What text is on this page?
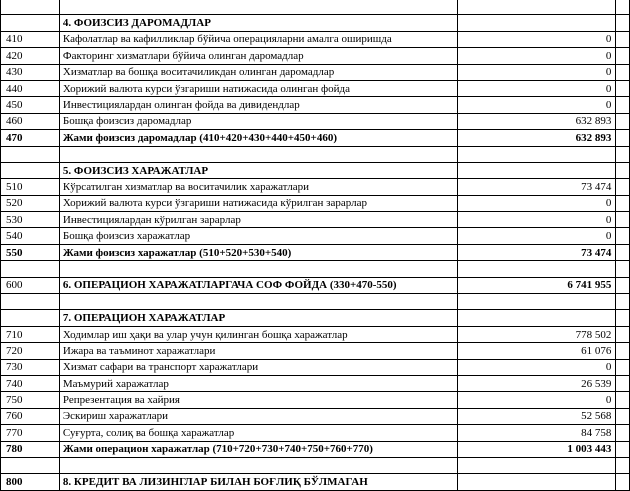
	4. ФОИЗСИЗ ДАРОМАДЛАР		
410	Кафолатлар ва кафилликлар бўйича операцияларни амалга оширишда	0	
420	Факторинг хизматлари бўйича олинган даромадлар	0	
430	Хизматлар ва бошқа воситачиликдан олинган даромадлар	0	
440	Хорижий валюта курси ўзгариши натижасида олинган фойда	0	
450	Инвестициялардан олинган фойда ва дивидендлар	0	
460	Бошқа фоизсиз даромадлар	632 893	
470	Жами фоизсиз даромадлар (410+420+430+440+450+460)	632 893	

	5. ФОИЗСИЗ ХАРАЖАТЛАР		
510	Кўрсатилган хизматлар ва воситачилик харажатлари	73 474	
520	Хорижий валюта курси ўзгариши натижасида кўрилган зарарлар	0	
530	Инвестициялардан кўрилган зарарлар	0	
540	Бошқа фоизсиз харажатлар	0	
550	Жами фоизсиз харажатлар (510+520+530+540)	73 474	

600	6. ОПЕРАЦИОН ХАРАЖАТЛАРГАЧА СОФ ФОЙДА (330+470-550)	6 741 955	

	7. ОПЕРАЦИОН ХАРАЖАТЛАР		
710	Ходимлар иш ҳақи ва улар учун қилинган бошқа харажатлар	778 502	
720	Ижара ва таъминот харажатлари	61 076	
730	Хизмат сафари ва транспорт харажатлари	0	
740	Маъмурий харажатлар	26 539	
750	Репрезентация ва хайрия	0	
760	Эскириш харажатлари	52 568	
770	Суғурта, солиқ ва бошқа харажатлар	84 758	
780	Жами операцион харажатлар (710+720+730+740+750+760+770)	1 003 443	

800	8. КРЕДИТ ВА ЛИЗИНГЛАР БИЛАН БОҒЛИҚ БЎЛМАГАН		
